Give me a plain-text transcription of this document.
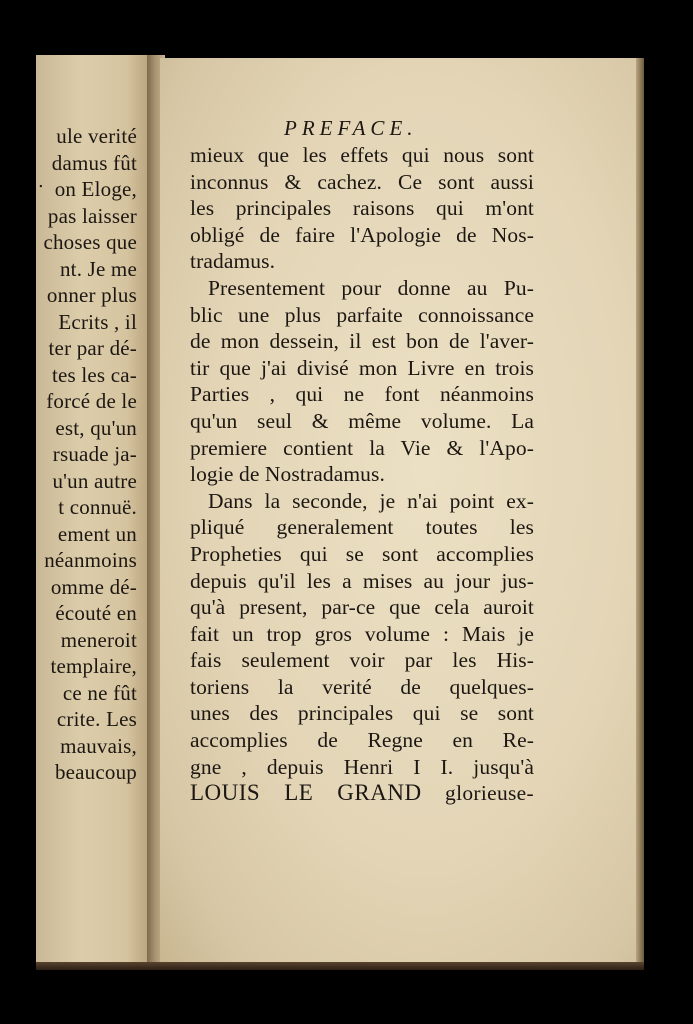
.
ule verité
damus fût
on Eloge,
pas laisser
choses que
nt. Je me
onner plus
Ecrits , il
ter par dé-
tes les ca-
forcé de le
est, qu'un
rsuade ja-
u'un autre
t connuë.
ement un
néanmoins
omme dé-
écouté en
meneroit
templaire,
ce ne fût
crite. Les
mauvais,
beaucoup
PREFACE.
mieux que les effets qui nous sont
inconnus & cachez. Ce sont aussi
les principales raisons qui m'ont
obligé de faire l'Apologie de Nos-
tradamus.
Presentement pour donne au Pu-
blic une plus parfaite connoissance
de mon dessein, il est bon de l'aver-
tir que j'ai divisé mon Livre en trois
Parties , qui ne font néanmoins
qu'un seul & même volume. La
premiere contient la Vie & l'Apo-
logie de Nostradamus.
Dans la seconde, je n'ai point ex-
pliqué generalement toutes les
Propheties qui se sont accomplies
depuis qu'il les a mises au jour jus-
qu'à present, par-ce que cela auroit
fait un trop gros volume : Mais je
fais seulement voir par les His-
toriens la verité de quelques-
unes des principales qui se sont
accomplies de Regne en Re-
gne , depuis Henri I I. jusqu'à
LOUIS LE GRAND glorieuse-
